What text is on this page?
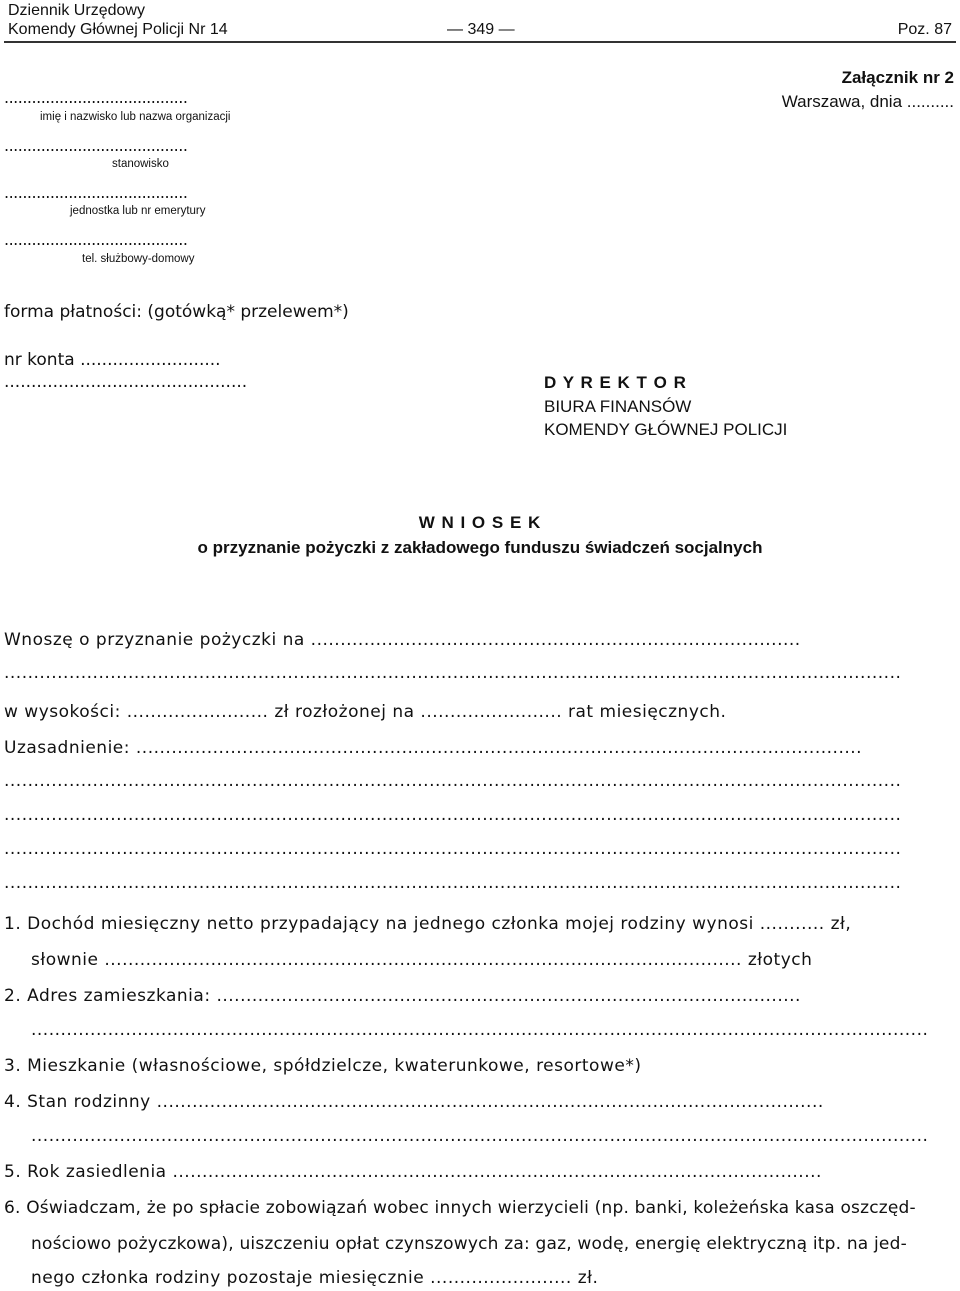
Dziennik Urzędowy
Komendy Głównej Policji Nr 14	— 349 —	Poz. 87
Załącznik nr 2
Warszawa, dnia ..........
........................................
imię i nazwisko lub nazwa organizacji
........................................
stanowisko
........................................
jednostka lub nr emerytury
........................................
tel. służbowy-domowy
forma płatności: (gotówką* przelewem*)
nr konta ..........................
.............................................	D Y R E K T O R
BIURA FINANSÓW
KOMENDY GŁÓWNEJ POLICJI
W N I O S E K
o przyznanie pożyczki z zakładowego funduszu świadczeń socjalnych
Wnoszę o przyznanie pożyczki na ...................................................................................
........................................................................................................................................................
w wysokości: ........................ zł rozłożonej na ........................ rat miesięcznych.
Uzasadnienie: ...........................................................................................................................
........................................................................................................................................................
........................................................................................................................................................
........................................................................................................................................................
........................................................................................................................................................
1. Dochód miesięczny netto przypadający na jednego członka mojej rodziny wynosi ........... zł,
słownie ............................................................................................................ złotych
2. Adres zamieszkania: ...................................................................................................
........................................................................................................................................................
3. Mieszkanie (własnościowe, spółdzielcze, kwaterunkowe, resortowe*)
4. Stan rodzinny .................................................................................................................
........................................................................................................................................................
5. Rok zasiedlenia ..............................................................................................................
6. Oświadczam, że po spłacie zobowiązań wobec innych wierzycieli (np. banki, koleżeńska kasa oszczęd-
nościowo pożyczkowa), uiszczeniu opłat czynszowych za: gaz, wodę, energię elektryczną itp. na jed-
nego członka rodziny pozostaje miesięcznie ........................ zł.
